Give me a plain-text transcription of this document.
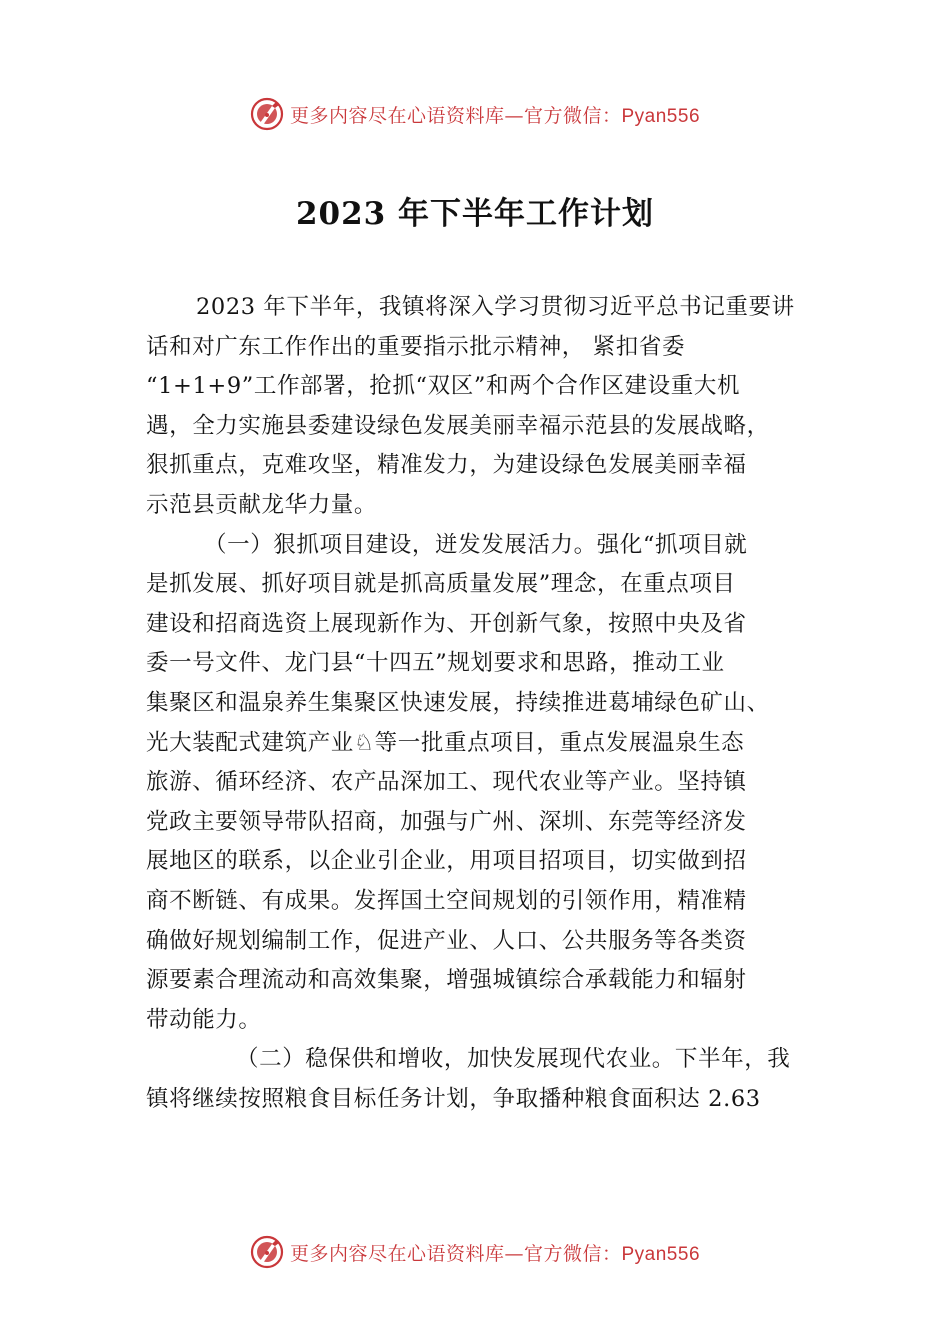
更多内容尽在心语资料库—官方微信：Pyan556
2023 年下半年工作计划
2023 年下半年，我镇将深入学习贯彻习近平总书记重要讲
话和对广东工作作出的重要指示批示精神， 紧扣省委
“1+1+9”工作部署，抢抓“双区”和两个合作区建设重大机
遇，全力实施县委建设绿色发展美丽幸福示范县的发展战略，
狠抓重点，克难攻坚，精准发力，为建设绿色发展美丽幸福
示范县贡献龙华力量。
（一）狠抓项目建设，迸发发展活力。强化“抓项目就
是抓发展、抓好项目就是抓高质量发展”理念，在重点项目
建设和招商选资上展现新作为、开创新气象，按照中央及省
委一号文件、龙门县“十四五”规划要求和思路，推动工业
集聚区和温泉养生集聚区快速发展，持续推进葛埔绿色矿山、
光大装配式建筑产业♘等一批重点项目，重点发展温泉生态
旅游、循环经济、农产品深加工、现代农业等产业。坚持镇
党政主要领导带队招商，加强与广州、深圳、东莞等经济发
展地区的联系，以企业引企业，用项目招项目，切实做到招
商不断链、有成果。发挥国土空间规划的引领作用，精准精
确做好规划编制工作，促进产业、人口、公共服务等各类资
源要素合理流动和高效集聚，增强城镇综合承载能力和辐射
带动能力。
（二）稳保供和增收，加快发展现代农业。下半年，我
镇将继续按照粮食目标任务计划，争取播种粮食面积达 2.63
更多内容尽在心语资料库—官方微信：Pyan556
